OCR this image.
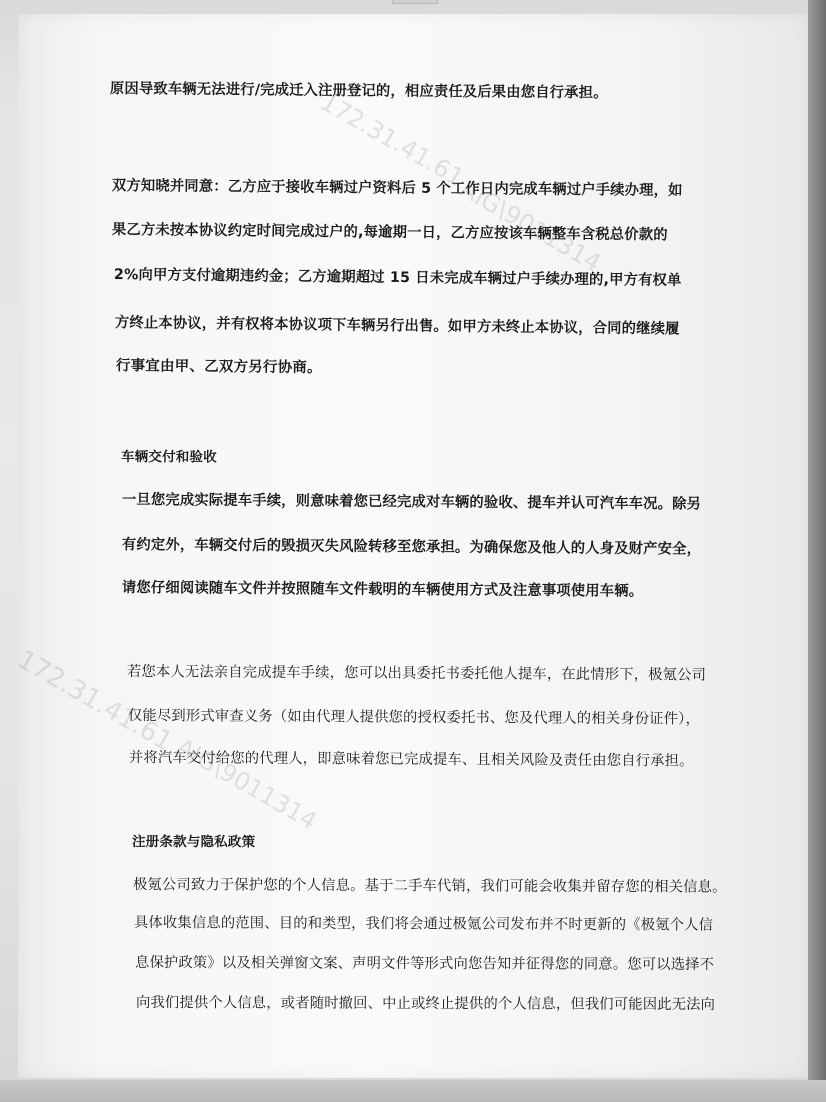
原因导致车辆无法进行/完成迁入注册登记的，相应责任及后果由您自行承担。
双方知晓并同意：乙方应于接收车辆过户资料后 5 个工作日内完成车辆过户手续办理，如
果乙方未按本协议约定时间完成过户的,每逾期一日，乙方应按该车辆整车含税总价款的
2%向甲方支付逾期违约金；乙方逾期超过 15 日未完成车辆过户手续办理的,甲方有权单
方终止本协议，并有权将本协议项下车辆另行出售。如甲方未终止本协议，合同的继续履
行事宜由甲、乙双方另行协商。
车辆交付和验收
一旦您完成实际提车手续，则意味着您已经完成对车辆的验收、提车并认可汽车车况。除另
有约定外，车辆交付后的毁损灭失风险转移至您承担。为确保您及他人的人身及财产安全，
请您仔细阅读随车文件并按照随车文件载明的车辆使用方式及注意事项使用车辆。
若您本人无法亲自完成提车手续，您可以出具委托书委托他人提车，在此情形下，极氪公司
仅能尽到形式审查义务（如由代理人提供您的授权委托书、您及代理人的相关身份证件），
并将汽车交付给您的代理人，即意味着您已完成提车、且相关风险及责任由您自行承担。
注册条款与隐私政策
极氪公司致力于保护您的个人信息。基于二手车代销，我们可能会收集并留存您的相关信息。
具体收集信息的范围、目的和类型，我们将会通过极氪公司发布并不时更新的《极氪个人信
息保护政策》以及相关弹窗文案、声明文件等形式向您告知并征得您的同意。您可以选择不
向我们提供个人信息，或者随时撤回、中止或终止提供的个人信息，但我们可能因此无法向
